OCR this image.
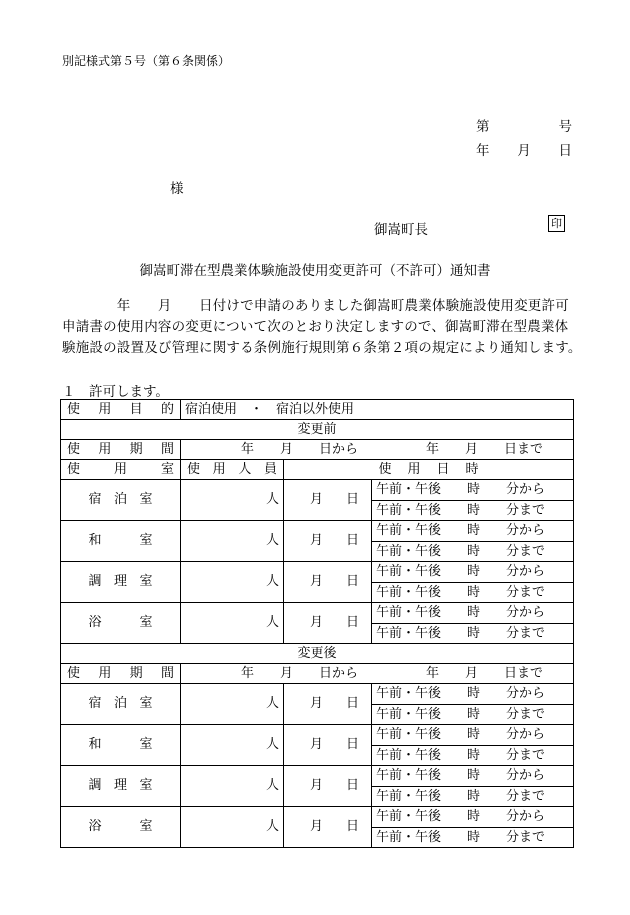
別記様式第５号（第６条関係）
第	号
年 月 日
様
御嵩町長	印
御嵩町滞在型農業体験施設使用変更許可（不許可）通知書

　　　　年　　月　　日付けで申請のありました御嵩町農業体験施設使用変更許可

申請書の使用内容の変更について次のとおり決定しますので、御嵩町滞在型農業体

験施設の設置及び管理に関する条例施行規則第６条第２項の規定により通知します。

１　許可します。
使用目的	宿泊使用　・　宿泊以外使用		
変更前			
使用期間	年　　月　　日から 年　　月　　日まで		

使用室	使用人員	使用日時	
宿泊室	人	月 日	午前・午後　　時　　分から
			午前・午後　　時　　分まで
和室	人	月 日	午前・午後　　時　　分から
			午前・午後　　時　　分まで
調理室	人	月 日	午前・午後　　時　　分から
			午前・午後　　時　　分まで
浴室	人	月 日	午前・午後　　時　　分から
			午前・午後　　時　　分まで
変更後			
使用期間	年　　月　　日から 年　　月　　日まで		

宿泊室	人	月 日	午前・午後　　時　　分から
			午前・午後　　時　　分まで
和室	人	月 日	午前・午後　　時　　分から
			午前・午後　　時　　分まで
調理室	人	月 日	午前・午後　　時　　分から
			午前・午後　　時　　分まで
浴室	人	月 日	午前・午後　　時　　分から
			午前・午後　　時　　分まで
